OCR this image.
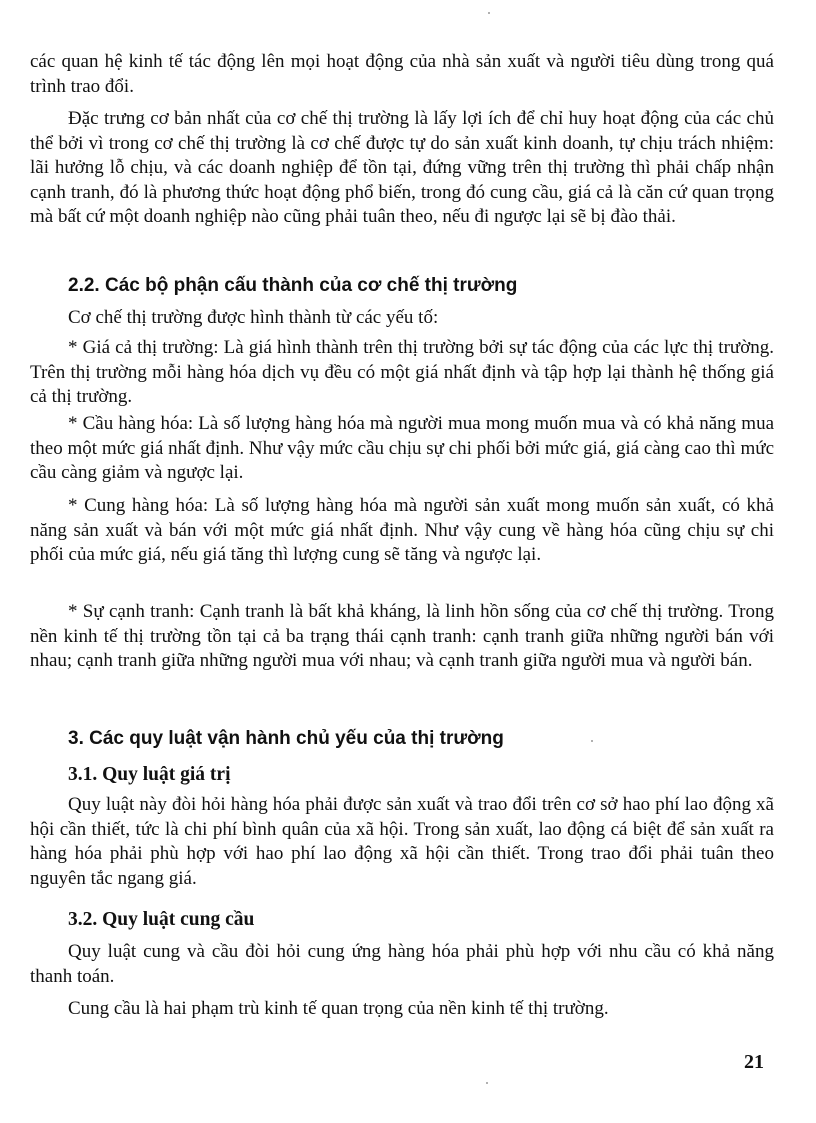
các quan hệ kinh tế tác động lên mọi hoạt động của nhà sản xuất và người tiêu dùng trong quá trình trao đổi.

Đặc trưng cơ bản nhất của cơ chế thị trường là lấy lợi ích để chỉ huy hoạt động của các chủ thể bởi vì trong cơ chế thị trường là cơ chế được tự do sản xuất kinh doanh, tự chịu trách nhiệm: lãi hưởng lỗ chịu, và các doanh nghiệp để tồn tại, đứng vững trên thị trường thì phải chấp nhận cạnh tranh, đó là phương thức hoạt động phổ biến, trong đó cung cầu, giá cả là căn cứ quan trọng mà bất cứ một doanh nghiệp nào cũng phải tuân theo, nếu đi ngược lại sẽ bị đào thải.

2.2. Các bộ phận cấu thành của cơ chế thị trường

Cơ chế thị trường được hình thành từ các yếu tố:

* Giá cả thị trường: Là giá hình thành trên thị trường bởi sự tác động của các lực thị trường. Trên thị trường mỗi hàng hóa dịch vụ đều có một giá nhất định và tập hợp lại thành hệ thống giá cả thị trường.

* Cầu hàng hóa: Là số lượng hàng hóa mà người mua mong muốn mua và có khả năng mua theo một mức giá nhất định. Như vậy mức cầu chịu sự chi phối bởi mức giá, giá càng cao thì mức cầu càng giảm và ngược lại.

* Cung hàng hóa: Là số lượng hàng hóa mà người sản xuất mong muốn sản xuất, có khả năng sản xuất và bán với một mức giá nhất định. Như vậy cung về hàng hóa cũng chịu sự chi phối của mức giá, nếu giá tăng thì lượng cung sẽ tăng và ngược lại.

* Sự cạnh tranh: Cạnh tranh là bất khả kháng, là linh hồn sống của cơ chế thị trường. Trong nền kinh tế thị trường tồn tại cả ba trạng thái cạnh tranh: cạnh tranh giữa những người bán với nhau; cạnh tranh giữa những người mua với nhau; và cạnh tranh giữa người mua và người bán.

3. Các quy luật vận hành chủ yếu của thị trường
3.1. Quy luật giá trị

Quy luật này đòi hỏi hàng hóa phải được sản xuất và trao đổi trên cơ sở hao phí lao động xã hội cần thiết, tức là chi phí bình quân của xã hội. Trong sản xuất, lao động cá biệt để sản xuất ra hàng hóa phải phù hợp với hao phí lao động xã hội cần thiết. Trong trao đổi phải tuân theo nguyên tắc ngang giá.

3.2. Quy luật cung cầu

Quy luật cung và cầu đòi hỏi cung ứng hàng hóa phải phù hợp với nhu cầu có khả năng thanh toán.

Cung cầu là hai phạm trù kinh tế quan trọng của nền kinh tế thị trường.

21
